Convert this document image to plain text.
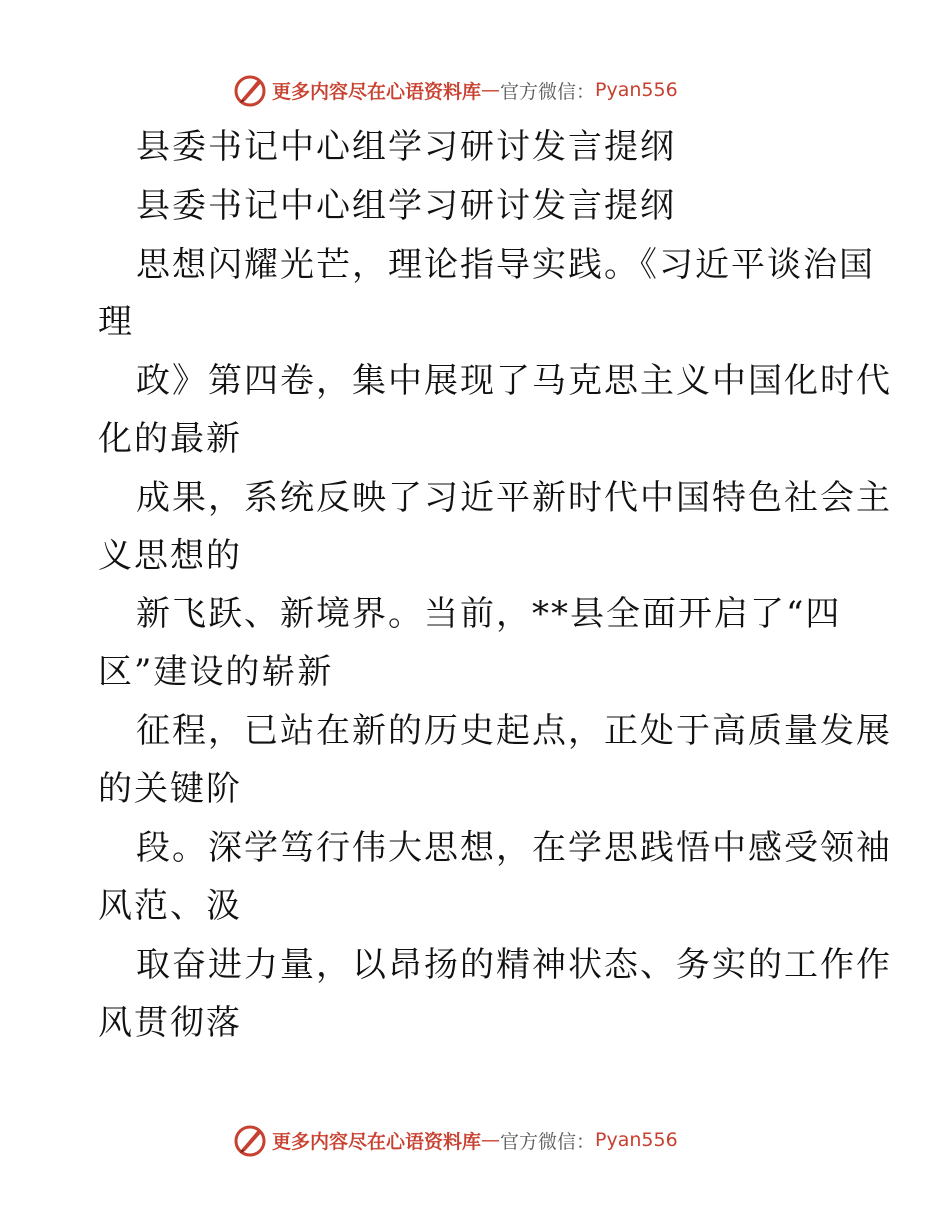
更多内容尽在心语资料库 — 官方微信： Pyan556
县委书记中心组学习研讨发言提纲
县委书记中心组学习研讨发言提纲
思想闪耀光芒，理论指导实践。《习近平谈治国
理
政》第四卷，集中展现了马克思主义中国化时代
化的最新
成果，系统反映了习近平新时代中国特色社会主
义思想的
新飞跃、新境界。当前，**县全面开启了“四
区”建设的崭新
征程，已站在新的历史起点，正处于高质量发展
的关键阶
段。深学笃行伟大思想，在学思践悟中感受领袖
风范、汲
取奋进力量，以昂扬的精神状态、务实的工作作
风贯彻落
更多内容尽在心语资料库 — 官方微信： Pyan556
